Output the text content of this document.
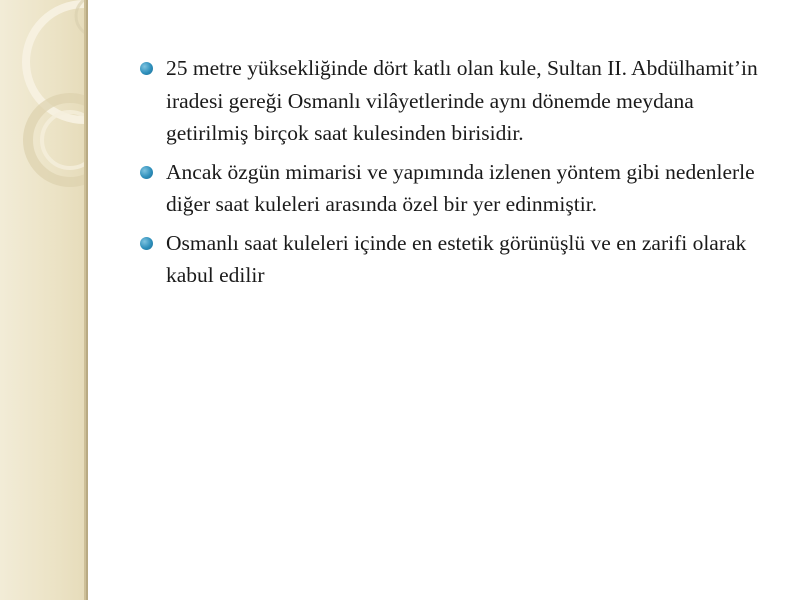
25 metre yüksekliğinde dört katlı olan kule, Sultan II. Abdülhamit’in iradesi gereği Osmanlı vilâyetlerinde aynı dönemde meydana getirilmiş birçok saat kulesinden birisidir.
Ancak özgün mimarisi ve yapımında izlenen yöntem gibi nedenlerle diğer saat kuleleri arasında özel bir yer edinmiştir.
Osmanlı saat kuleleri içinde en estetik görünüşlü ve en zarifi olarak kabul edilir
